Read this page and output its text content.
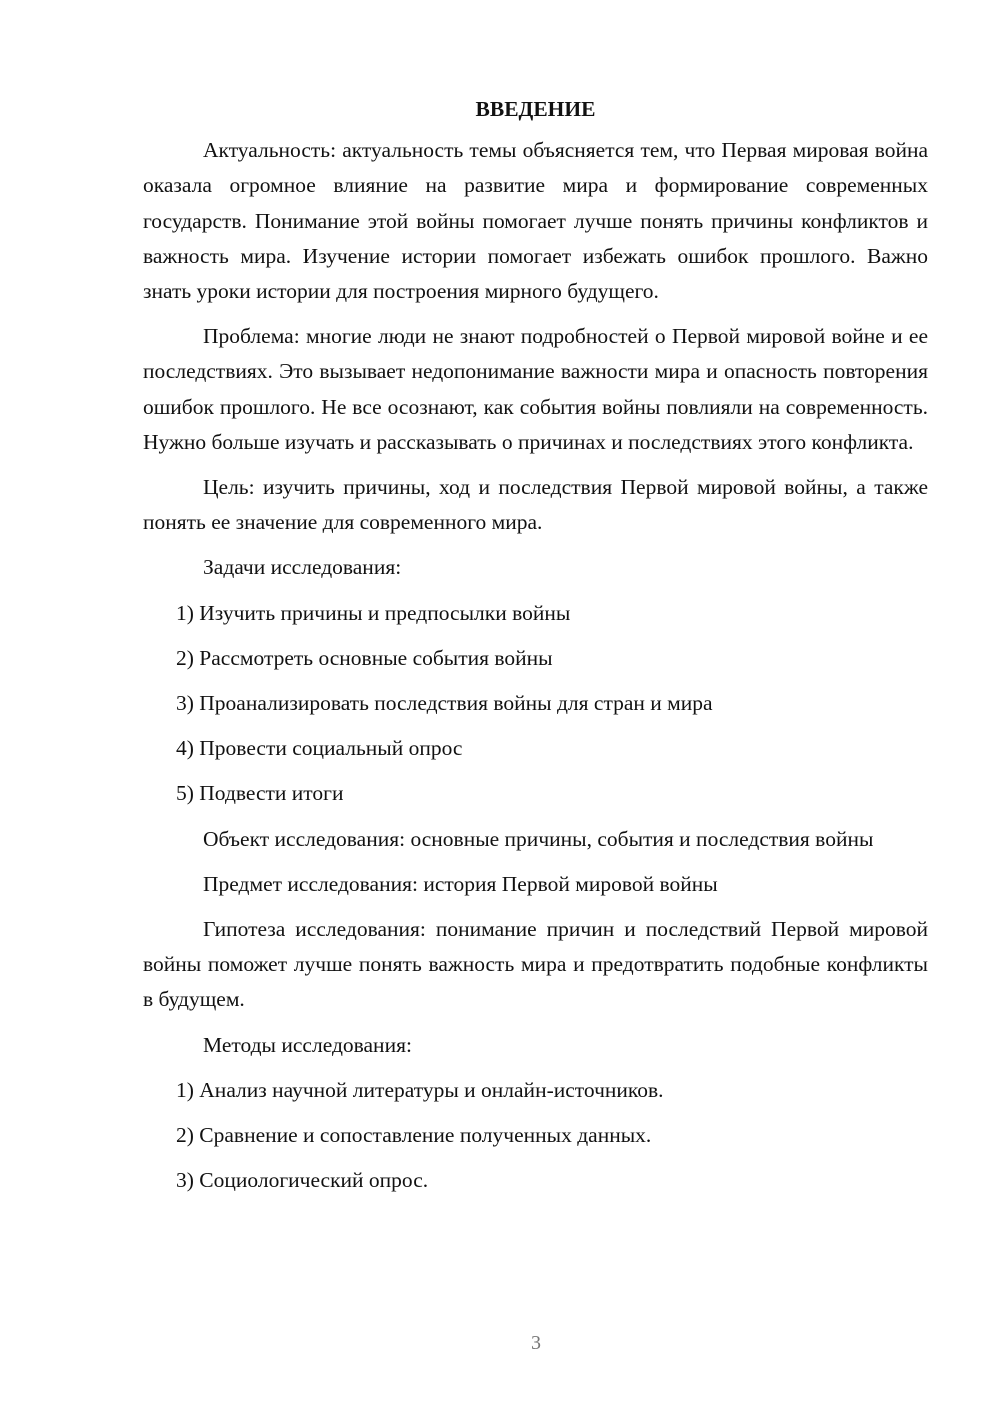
ВВЕДЕНИЕ

Актуальность: актуальность темы объясняется тем, что Первая мировая война оказала огромное влияние на развитие мира и формирование современных государств. Понимание этой войны помогает лучше понять причины конфликтов и важность мира. Изучение истории помогает избежать ошибок прошлого. Важно знать уроки истории для построения мирного будущего.

Проблема: многие люди не знают подробностей о Первой мировой войне и ее последствиях. Это вызывает недопонимание важности мира и опасность повторения ошибок прошлого. Не все осознают, как события войны повлияли на современность. Нужно больше изучать и рассказывать о причинах и последствиях этого конфликта.

Цель: изучить причины, ход и последствия Первой мировой войны, а также понять ее значение для современного мира.

Задачи исследования:

1) Изучить причины и предпосылки войны
2) Рассмотреть основные события войны
3) Проанализировать последствия войны для стран и мира
4) Провести социальный опрос
5) Подвести итоги

Объект исследования: основные причины, события и последствия войны

Предмет исследования: история Первой мировой войны

Гипотеза исследования: понимание причин и последствий Первой мировой войны поможет лучше понять важность мира и предотвратить подобные конфликты в будущем.

Методы исследования:

1) Анализ научной литературы и онлайн-источников.
2) Сравнение и сопоставление полученных данных.
3) Социологический опрос.
3
